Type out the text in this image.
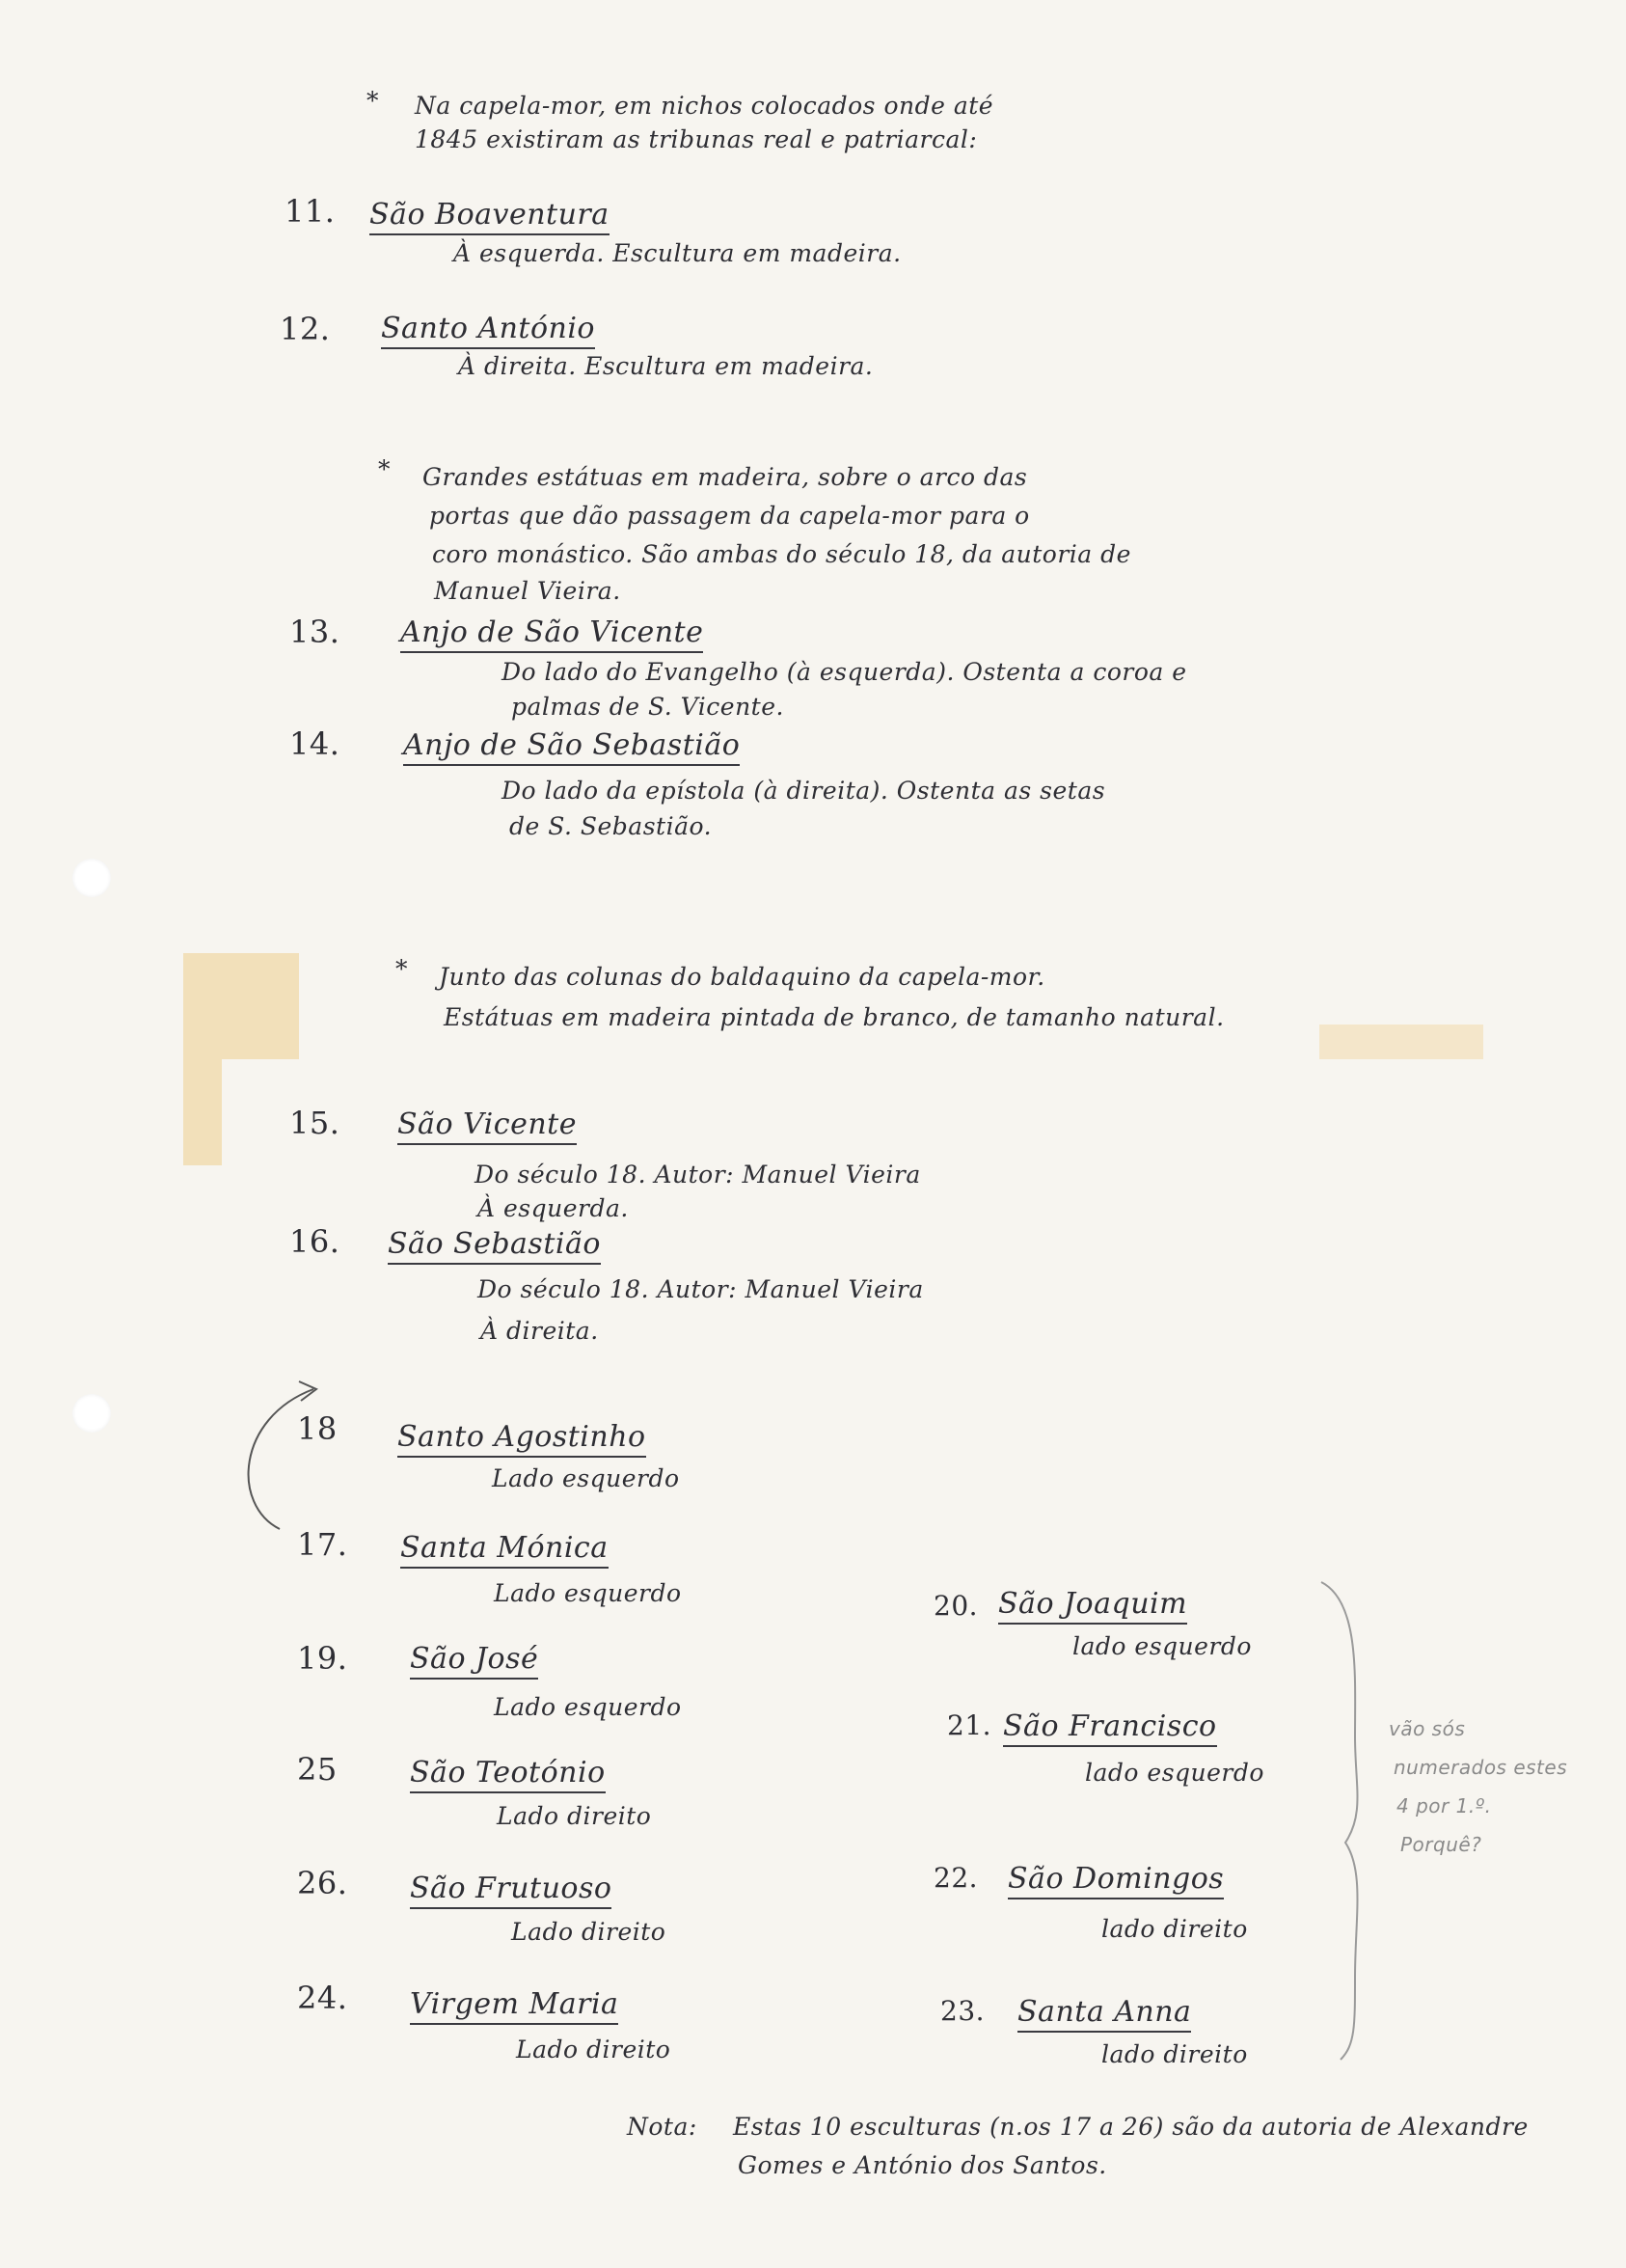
* Na capela-mor, em nichos colocados onde até
1845 existiram as tribunas real e patriarcal:
11. São Boaventura
À esquerda. Escultura em madeira.
12. Santo António
À direita. Escultura em madeira.
* Grandes estátuas em madeira, sobre o arco das
portas que dão passagem da capela-mor para o
coro monástico. São ambas do século 18, da autoria de
Manuel Vieira.
13. Anjo de São Vicente
Do lado do Evangelho (à esquerda). Ostenta a coroa e
palmas de S. Vicente.
14. Anjo de São Sebastião
Do lado da epístola (à direita). Ostenta as setas
de S. Sebastião.
* Junto das colunas do baldaquino da capela-mor.
Estátuas em madeira pintada de branco, de tamanho natural.
15. São Vicente
Do século 18. Autor: Manuel Vieira
À esquerda.
16. São Sebastião
Do século 18. Autor: Manuel Vieira
À direita.
18 Santo Agostinho
Lado esquerdo
17. Santa Mónica
Lado esquerdo
19. São José
Lado esquerdo
25	São Teotónio
Lado direito
26. São Frutuoso
Lado direito
24. Virgem Maria
Lado direito
20. São Joaquim
lado esquerdo
21. São Francisco
lado esquerdo
22. São Domingos
lado direito
23. Santa Anna
lado direito
vão sós
numerados estes
4 por 1.º.
Porquê?
Nota: Estas 10 esculturas (n.os 17 a 26) são da autoria de Alexandre
Gomes e António dos Santos.
